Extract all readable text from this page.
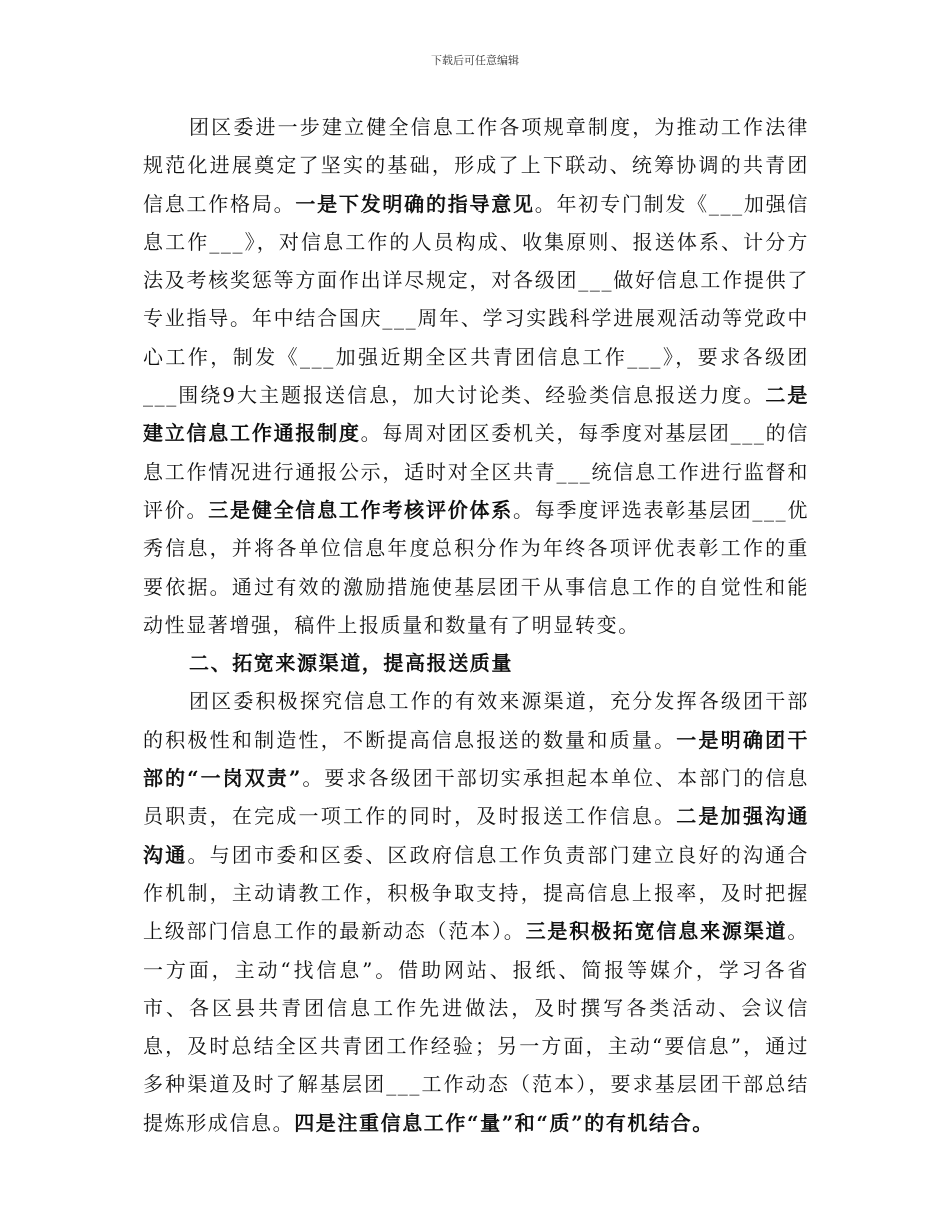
下载后可任意编辑

团区委进一步建立健全信息工作各项规章制度，为推动工作法律规范化进展奠定了坚实的基础，形成了上下联动、统筹协调的共青团信息工作格局。一是下发明确的指导意见。年初专门制发《___加强信息工作___》，对信息工作的人员构成、收集原则、报送体系、计分方法及考核奖惩等方面作出详尽规定，对各级团___做好信息工作提供了专业指导。年中结合国庆___周年、学习实践科学进展观活动等党政中心工作，制发《___加强近期全区共青团信息工作___》，要求各级团___围绕9大主题报送信息，加大讨论类、经验类信息报送力度。二是建立信息工作通报制度。每周对团区委机关，每季度对基层团___的信息工作情况进行通报公示，适时对全区共青___统信息工作进行监督和评价。三是健全信息工作考核评价体系。每季度评选表彰基层团___优秀信息，并将各单位信息年度总积分作为年终各项评优表彰工作的重要依据。通过有效的激励措施使基层团干从事信息工作的自觉性和能动性显著增强，稿件上报质量和数量有了明显转变。

二、拓宽来源渠道，提高报送质量

团区委积极探究信息工作的有效来源渠道，充分发挥各级团干部的积极性和制造性，不断提高信息报送的数量和质量。一是明确团干部的“一岗双责”。要求各级团干部切实承担起本单位、本部门的信息员职责，在完成一项工作的同时，及时报送工作信息。二是加强沟通沟通。与团市委和区委、区政府信息工作负责部门建立良好的沟通合作机制，主动请教工作，积极争取支持，提高信息上报率，及时把握上级部门信息工作的最新动态（范本）。三是积极拓宽信息来源渠道。一方面，主动“找信息”。借助网站、报纸、简报等媒介，学习各省市、各区县共青团信息工作先进做法，及时撰写各类活动、会议信息，及时总结全区共青团工作经验；另一方面，主动“要信息”，通过多种渠道及时了解基层团___工作动态（范本），要求基层团干部总结提炼形成信息。四是注重信息工作“量”和“质”的有机结合。
